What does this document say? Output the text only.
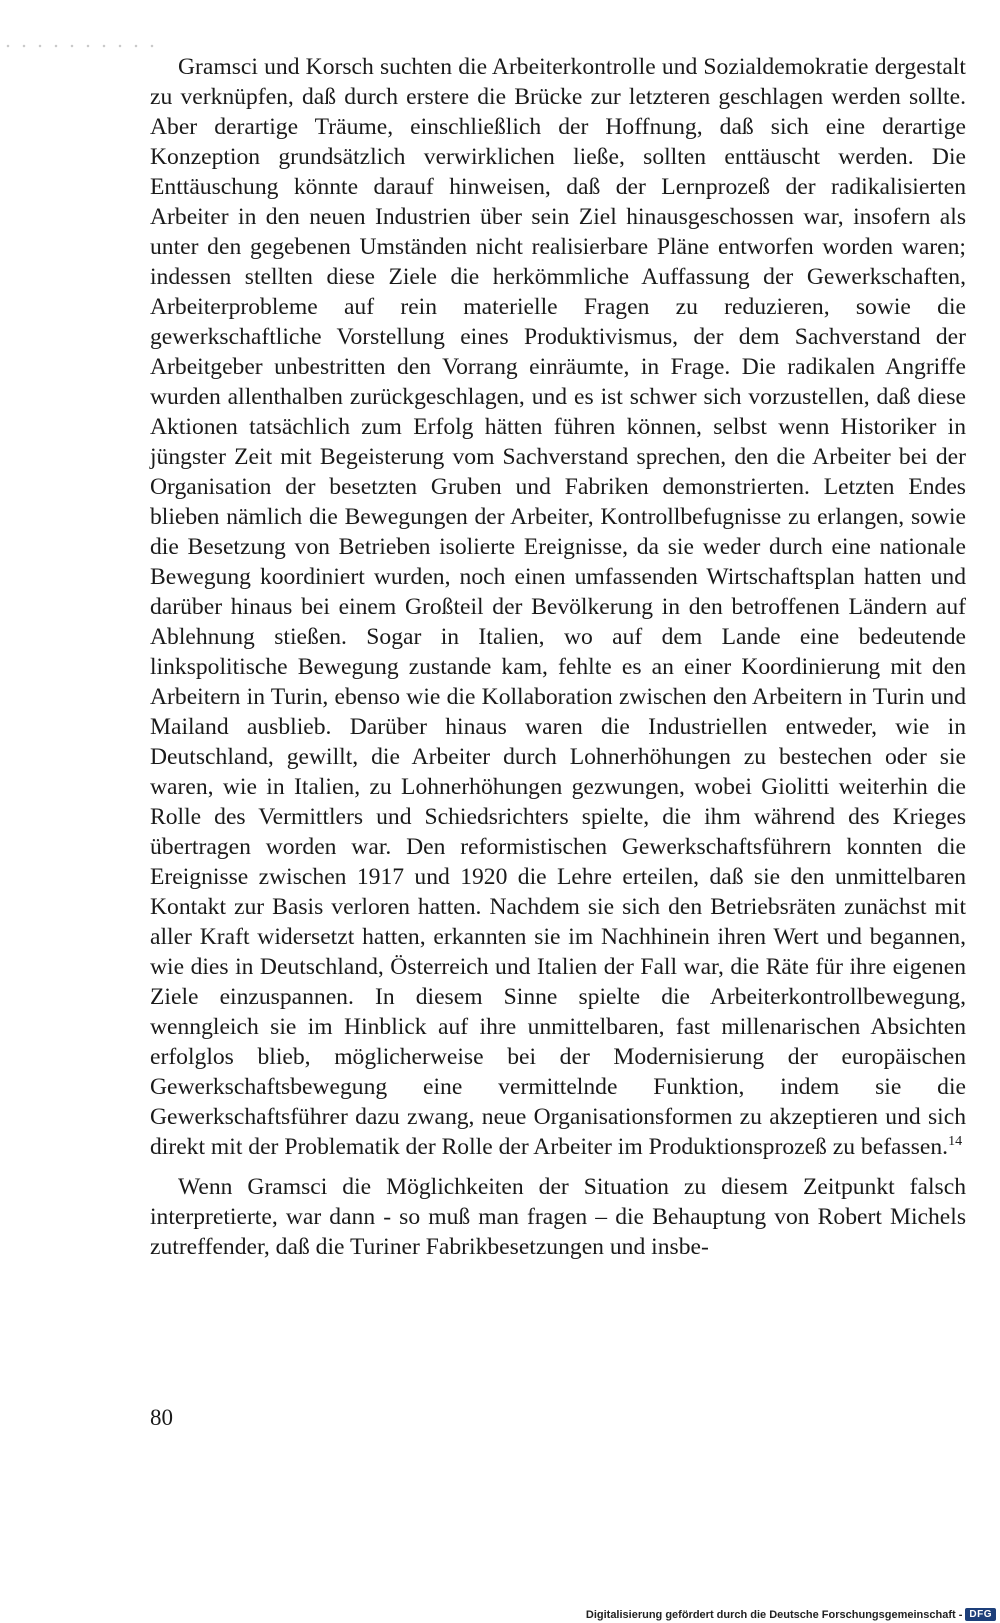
Gramsci und Korsch suchten die Arbeiterkontrolle und Sozialdemokratie dergestalt zu verknüpfen, daß durch erstere die Brücke zur letzteren geschlagen werden sollte. Aber derartige Träume, einschließlich der Hoffnung, daß sich eine derartige Konzeption grundsätzlich verwirklichen ließe, sollten enttäuscht werden. Die Enttäuschung könnte darauf hinweisen, daß der Lernprozeß der radikalisierten Arbeiter in den neuen Industrien über sein Ziel hinausgeschossen war, insofern als unter den gegebenen Umständen nicht realisierbare Pläne entworfen worden waren; indessen stellten diese Ziele die herkömmliche Auffassung der Gewerkschaften, Arbeiterprobleme auf rein materielle Fragen zu reduzieren, sowie die gewerkschaftliche Vorstellung eines Produktivismus, der dem Sachverstand der Arbeitgeber unbestritten den Vorrang einräumte, in Frage. Die radikalen Angriffe wurden allenthalben zurückgeschlagen, und es ist schwer sich vorzustellen, daß diese Aktionen tatsächlich zum Erfolg hätten führen können, selbst wenn Historiker in jüngster Zeit mit Begeisterung vom Sachverstand sprechen, den die Arbeiter bei der Organisation der besetzten Gruben und Fabriken demonstrierten. Letzten Endes blieben nämlich die Bewegungen der Arbeiter, Kontrollbefugnisse zu erlangen, sowie die Besetzung von Betrieben isolierte Ereignisse, da sie weder durch eine nationale Bewegung koordiniert wurden, noch einen umfassenden Wirtschaftsplan hatten und darüber hinaus bei einem Großteil der Bevölkerung in den betroffenen Ländern auf Ablehnung stießen. Sogar in Italien, wo auf dem Lande eine bedeutende linkspolitische Bewegung zustande kam, fehlte es an einer Koordinierung mit den Arbeitern in Turin, ebenso wie die Kollaboration zwischen den Arbeitern in Turin und Mailand ausblieb. Darüber hinaus waren die Industriellen entweder, wie in Deutschland, gewillt, die Arbeiter durch Lohnerhöhungen zu bestechen oder sie waren, wie in Italien, zu Lohnerhöhungen gezwungen, wobei Giolitti weiterhin die Rolle des Vermittlers und Schiedsrichters spielte, die ihm während des Krieges übertragen worden war. Den reformistischen Gewerkschaftsführern konnten die Ereignisse zwischen 1917 und 1920 die Lehre erteilen, daß sie den unmittelbaren Kontakt zur Basis verloren hatten. Nachdem sie sich den Betriebsräten zunächst mit aller Kraft widersetzt hatten, erkannten sie im Nachhinein ihren Wert und begannen, wie dies in Deutschland, Österreich und Italien der Fall war, die Räte für ihre eigenen Ziele einzuspannen. In diesem Sinne spielte die Arbeiterkontrollbewegung, wenngleich sie im Hinblick auf ihre unmittelbaren, fast millenarischen Absichten erfolglos blieb, möglicherweise bei der Modernisierung der europäischen Gewerkschaftsbewegung eine vermittelnde Funktion, indem sie die Gewerkschaftsführer dazu zwang, neue Organisationsformen zu akzeptieren und sich direkt mit der Problematik der Rolle der Arbeiter im Produktionsprozeß zu befassen.$^{14}$

Wenn Gramsci die Möglichkeiten der Situation zu diesem Zeitpunkt falsch interpretierte, war dann - so muß man fragen – die Behauptung von Robert Michels zutreffender, daß die Turiner Fabrikbesetzungen und insbe-

80
Digitalisierung gefördert durch die Deutsche Forschungsgemeinschaft - DFG
